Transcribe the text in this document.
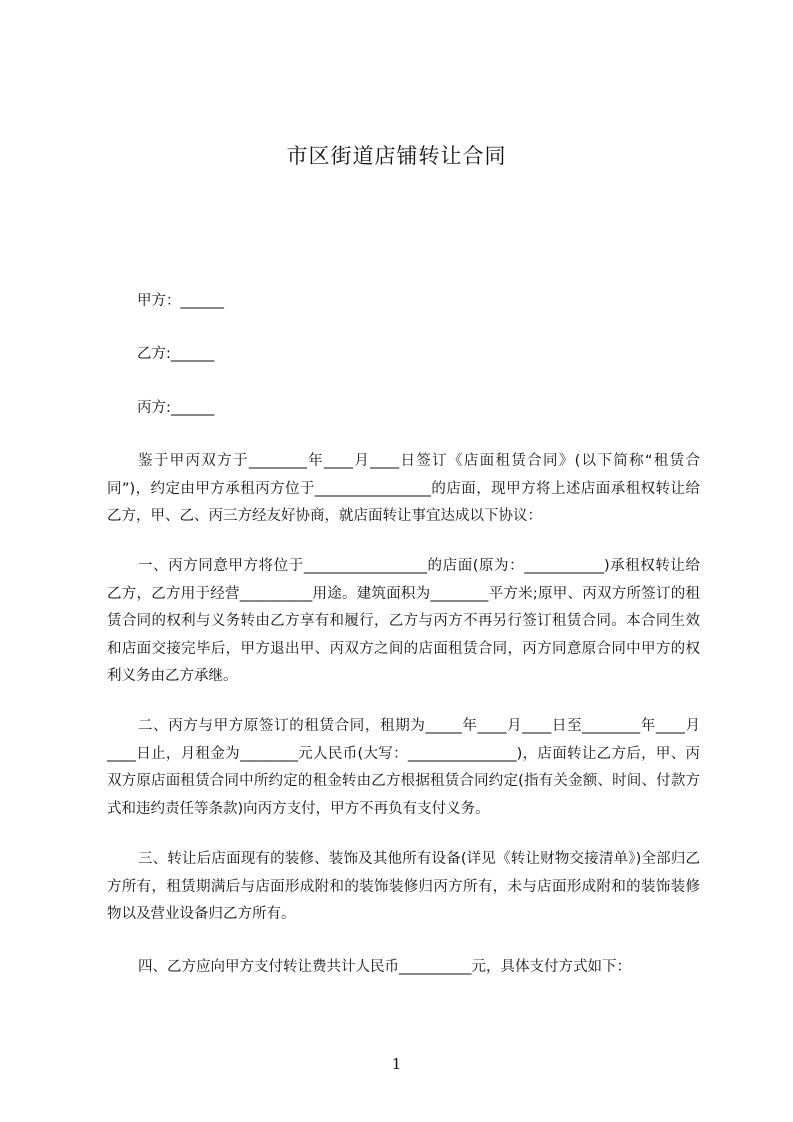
市区街道店铺转让合同

甲方：______

乙方:______

丙方:______

鉴于甲丙双方于________年____月____日签订《店面租赁合同》(以下简称“租赁合同”)，约定由甲方承租丙方位于________________的店面，现甲方将上述店面承租权转让给乙方，甲、乙、丙三方经友好协商，就店面转让事宜达成以下协议：

一、丙方同意甲方将位于_________________的店面(原为：___________)承租权转让给乙方，乙方用于经营__________用途。建筑面积为________平方米;原甲、丙双方所签订的租赁合同的权利与义务转由乙方享有和履行，乙方与丙方不再另行签订租赁合同。本合同生效和店面交接完毕后，甲方退出甲、丙双方之间的店面租赁合同，丙方同意原合同中甲方的权利义务由乙方承继。

二、丙方与甲方原签订的租赁合同，租期为_____年____月____日至________年____月____日止，月租金为________元人民币(大写：_______________)，店面转让乙方后，甲、丙双方原店面租赁合同中所约定的租金转由乙方根据租赁合同约定(指有关金额、时间、付款方式和违约责任等条款)向丙方支付，甲方不再负有支付义务。

三、转让后店面现有的装修、装饰及其他所有设备(详见《转让财物交接清单》)全部归乙方所有，租赁期满后与店面形成附和的装饰装修归丙方所有，未与店面形成附和的装饰装修物以及营业设备归乙方所有。

四、乙方应向甲方支付转让费共计人民币__________元，具体支付方式如下：

1
